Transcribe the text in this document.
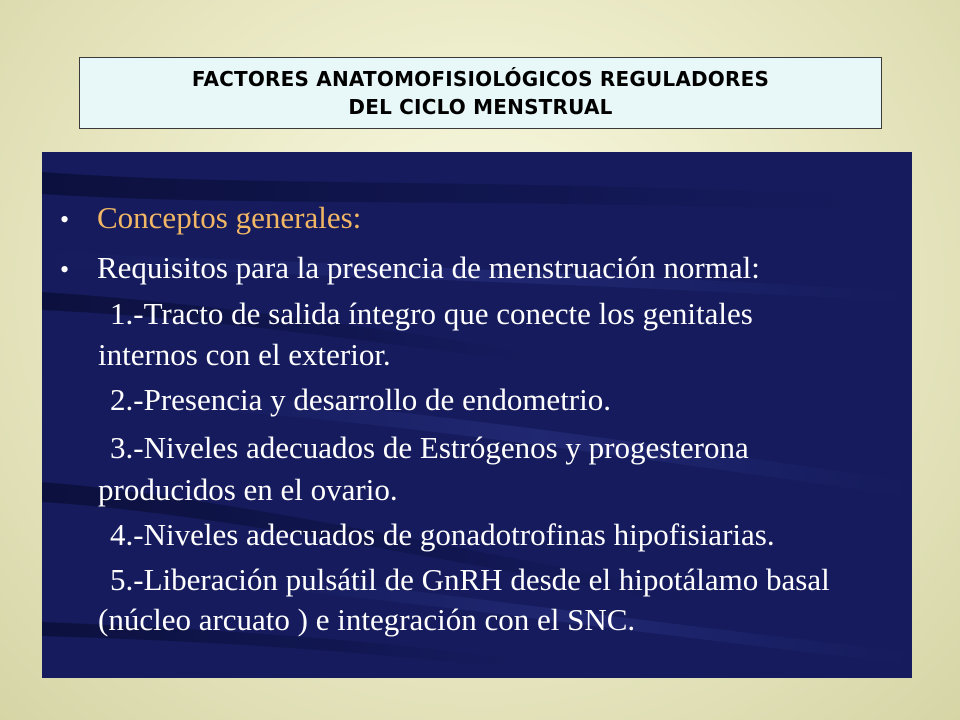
FACTORES ANATOMOFISIOLÓGICOS REGULADORES
DEL CICLO MENSTRUAL
• Conceptos generales:
• Requisitos para la presencia de menstruación normal:
1.-Tracto de salida íntegro que conecte los genitales
internos con el exterior.
2.-Presencia y desarrollo de endometrio.
3.-Niveles adecuados de Estrógenos y progesterona
producidos en el ovario.
4.-Niveles adecuados de gonadotrofinas hipofisiarias.
5.-Liberación pulsátil de GnRH desde el hipotálamo basal
(núcleo arcuato ) e integración con el SNC.
